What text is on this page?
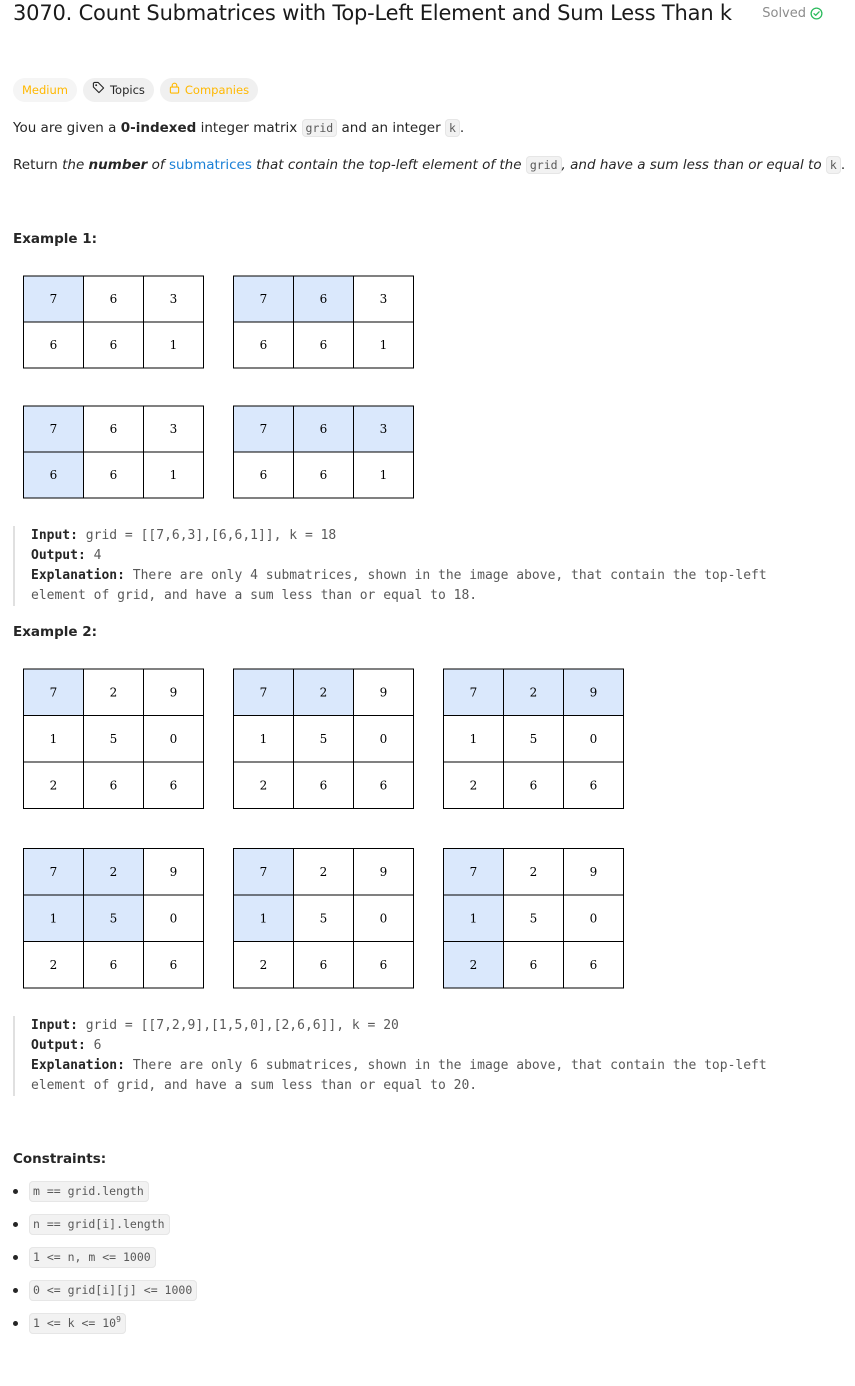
3070. Count Submatrices with Top-Left Element and Sum Less Than k Solved
Medium	Topics	Companies

You are given a 0-indexed integer matrix grid and an integer k .

Return the number of submatrices that contain the top-left element of the grid , and have a sum less than or equal to k .

Example 1:
7	6	3
6	6	1
7	6	3
6	6	1
7	6	3
6	6	1
7	6	3
6	6	1
Input: grid = [[7,6,3],[6,6,1]], k = 18
Output: 4
Explanation: There are only 4 submatrices, shown in the image above, that contain the top-left
element of grid, and have a sum less than or equal to 18.
Example 2:
7	2	9
1	5	0
2	6	6
7	2	9
1	5	0
2	6	6
7	2	9
1	5	0
2	6	6
7	2	9
1	5	0
2	6	6
7	2	9
1	5	0
2	6	6
7	2	9
1	5	0
2	6	6
Input: grid = [[7,2,9],[1,5,0],[2,6,6]], k = 20
Output: 6
Explanation: There are only 6 submatrices, shown in the image above, that contain the top-left
element of grid, and have a sum less than or equal to 20.
Constraints:
m == grid.length
n == grid[i].length
1 <= n, m <= 1000
0 <= grid[i][j] <= 1000
$1 <= k <= 10^9$
